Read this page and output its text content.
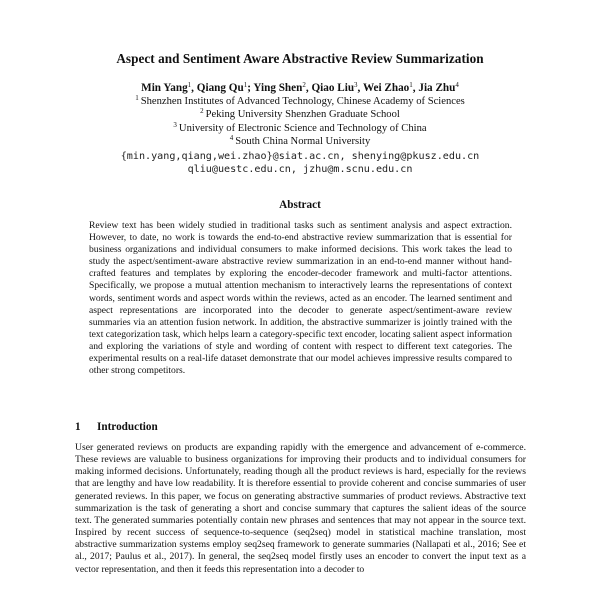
Aspect and Sentiment Aware Abstractive Review Summarization
Min Yang$^1$, Qiang Qu$^1$; Ying Shen$^2$, Qiao Liu$^3$, Wei Zhao$^1$, Jia Zhu$^4$
$^1$ Shenzhen Institutes of Advanced Technology, Chinese Academy of Sciences
$^2$ Peking University Shenzhen Graduate School
$^3$ University of Electronic Science and Technology of China
$^4$ South China Normal University
{min.yang,qiang,wei.zhao}@siat.ac.cn, shenying@pkusz.edu.cn
qliu@uestc.edu.cn, jzhu@m.scnu.edu.cn
Abstract
Review text has been widely studied in traditional tasks such as sentiment analysis and aspect extraction. However, to date, no work is towards the end-to-end abstractive review summarization that is essential for business organizations and individual consumers to make informed decisions. This work takes the lead to study the aspect/sentiment-aware abstractive review summarization in an end-to-end manner without hand-crafted features and templates by exploring the encoder-decoder framework and multi-factor attentions. Specifically, we propose a mutual attention mechanism to interactively learns the representations of context words, sentiment words and aspect words within the reviews, acted as an encoder. The learned sentiment and aspect representations are incorporated into the decoder to generate aspect/sentiment-aware review summaries via an attention fusion network. In addition, the abstractive summarizer is jointly trained with the text categorization task, which helps learn a category-specific text encoder, locating salient aspect information and exploring the variations of style and wording of content with respect to different text categories. The experimental results on a real-life dataset demonstrate that our model achieves impressive results compared to other strong competitors.
1 Introduction
User generated reviews on products are expanding rapidly with the emergence and advancement of e-commerce. These reviews are valuable to business organizations for improving their products and to individual consumers for making informed decisions. Unfortunately, reading though all the product reviews is hard, especially for the reviews that are lengthy and have low readability. It is therefore essential to provide coherent and concise summaries of user generated reviews. In this paper, we focus on generating abstractive summaries of product reviews. Abstractive text summarization is the task of generating a short and concise summary that captures the salient ideas of the source text. The generated summaries potentially contain new phrases and sentences that may not appear in the source text. Inspired by recent success of sequence-to-sequence (seq2seq) model in statistical machine translation, most abstractive summarization systems employ seq2seq framework to generate summaries (Nallapati et al., 2016; See et al., 2017; Paulus et al., 2017). In general, the seq2seq model firstly uses an encoder to convert the input text as a vector representation, and then it feeds this representation into a decoder to
